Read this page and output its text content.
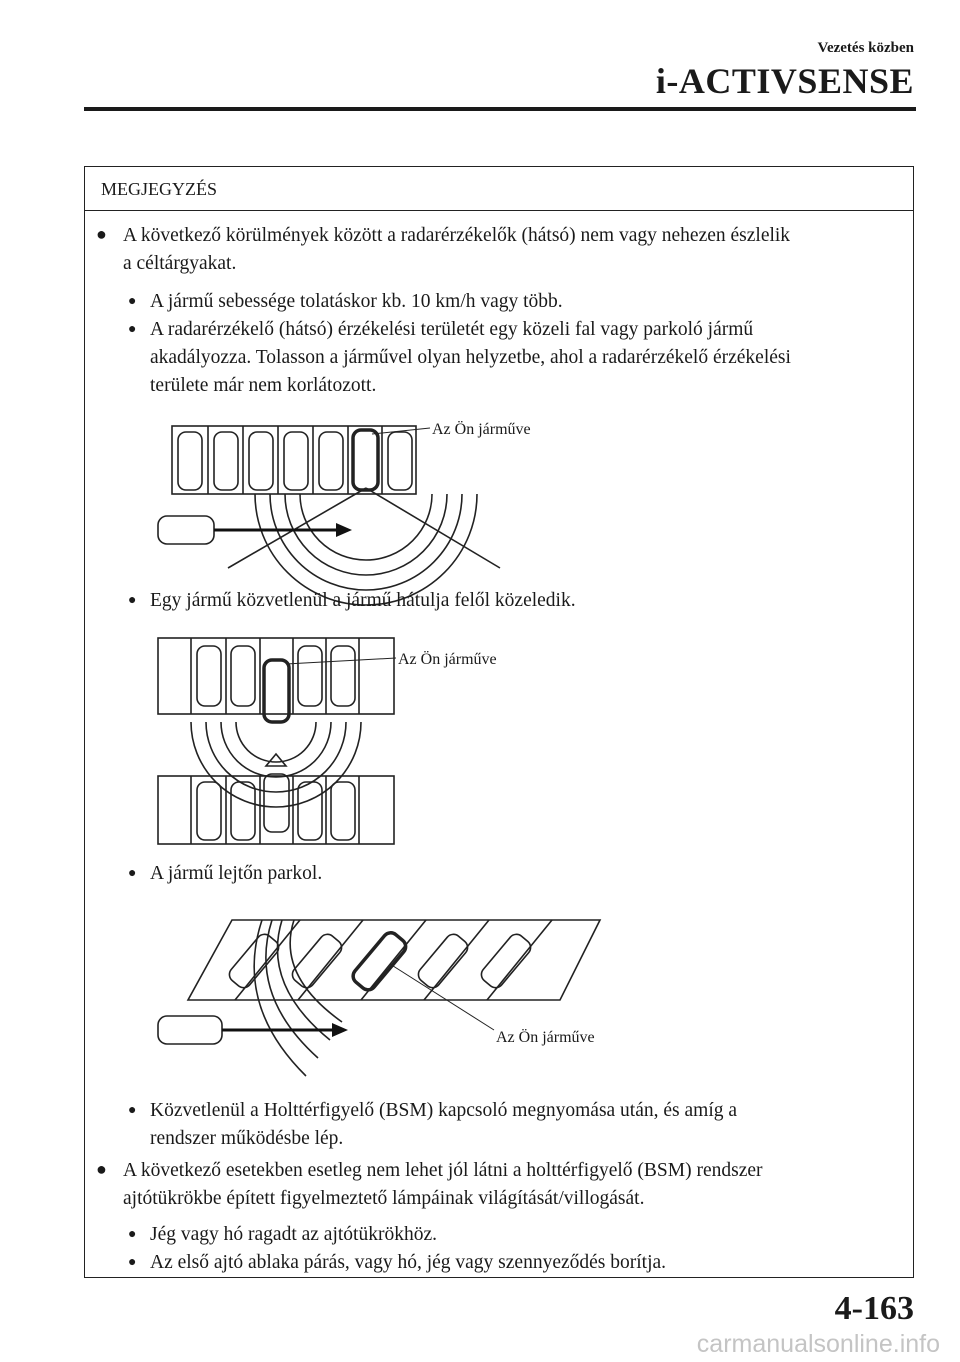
Vezetés közben
i-ACTIVSENSE
MEGJEGYZÉS
● A következő körülmények között a radarérzékelők (hátsó) nem vagy nehezen észlelik

a céltárgyakat.

● A jármű sebessége tolatáskor kb. 10 km/h vagy több.

● A radarérzékelő (hátsó) érzékelési területét egy közeli fal vagy parkoló jármű

akadályozza. Tolasson a járművel olyan helyzetbe, ahol a radarérzékelő érzékelési

területe már nem korlátozott.

Az Ön járműve
● Egy jármű közvetlenül a jármű hátulja felől közeledik.

Az Ön járműve
● A jármű lejtőn parkol.

Az Ön járműve
● Közvetlenül a Holttérfigyelő (BSM) kapcsoló megnyomása után, és amíg a

rendszer működésbe lép.

● A következő esetekben esetleg nem lehet jól látni a holttérfigyelő (BSM) rendszer

ajtótükrökbe épített figyelmeztető lámpáinak világítását/villogását.

● Jég vagy hó ragadt az ajtótükrökhöz.

● Az első ajtó ablaka párás, vagy hó, jég vagy szennyeződés borítja.

4-163
carmanualsonline.info
